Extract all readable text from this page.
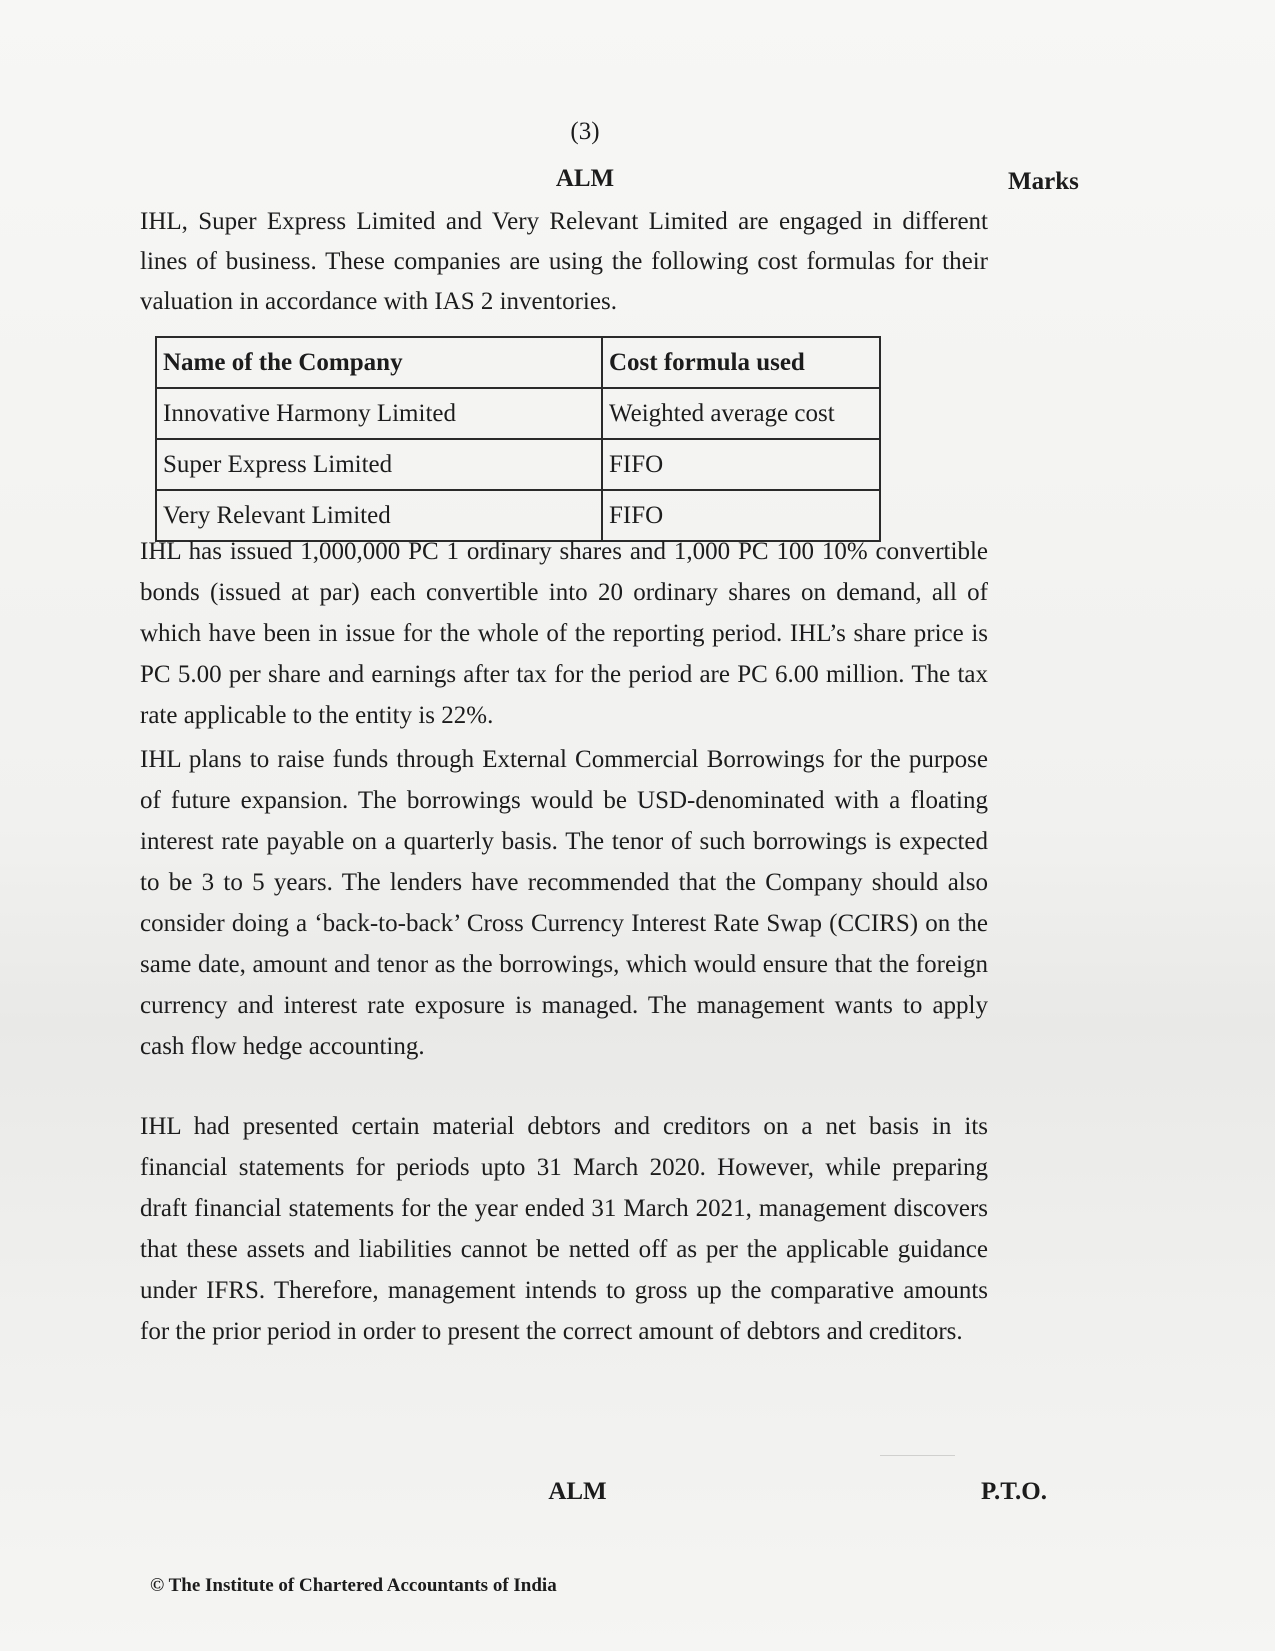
(3)
ALM	Marks
IHL, Super Express Limited and Very Relevant Limited are engaged in different lines of business. These companies are using the following cost formulas for their valuation in accordance with IAS 2 inventories.
Name of the Company	Cost formula used
Innovative Harmony Limited	Weighted average cost
Super Express Limited	FIFO
Very Relevant Limited	FIFO
IHL has issued 1,000,000 PC 1 ordinary shares and 1,000 PC 100 10% convertible bonds (issued at par) each convertible into 20 ordinary shares on demand, all of which have been in issue for the whole of the reporting period. IHL’s share price is PC 5.00 per share and earnings after tax for the period are PC 6.00 million. The tax rate applicable to the entity is 22%.
IHL plans to raise funds through External Commercial Borrowings for the purpose of future expansion. The borrowings would be USD-denominated with a floating interest rate payable on a quarterly basis. The tenor of such borrowings is expected to be 3 to 5 years. The lenders have recommended that the Company should also consider doing a ‘back-to-back’ Cross Currency Interest Rate Swap (CCIRS) on the same date, amount and tenor as the borrowings, which would ensure that the foreign currency and interest rate exposure is managed. The management wants to apply cash flow hedge accounting.
IHL had presented certain material debtors and creditors on a net basis in its financial statements for periods upto 31 March 2020. However, while preparing draft financial statements for the year ended 31 March 2021, management discovers that these assets and liabilities cannot be netted off as per the applicable guidance under IFRS. Therefore, management intends to gross up the comparative amounts for the prior period in order to present the correct amount of debtors and creditors.
ALM	P.T.O.
© The Institute of Chartered Accountants of India
